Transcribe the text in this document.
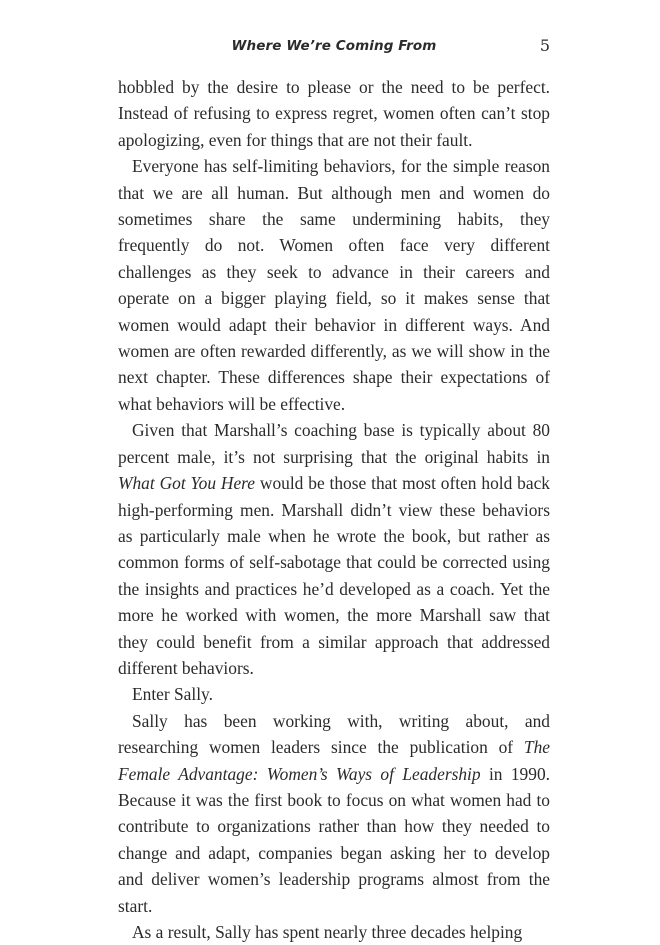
Where We’re Coming From	5

hobbled by the desire to please or the need to be perfect. Instead of refusing to express regret, women often can’t stop apologizing, even for things that are not their fault.

Everyone has self-limiting behaviors, for the simple reason that we are all human. But although men and women do sometimes share the same undermining habits, they frequently do not. Women often face very different challenges as they seek to advance in their careers and operate on a bigger playing field, so it makes sense that women would adapt their behavior in different ways. And women are often rewarded differently, as we will show in the next chapter. These differences shape their expectations of what behaviors will be effective.

Given that Marshall’s coaching base is typically about 80 percent male, it’s not surprising that the original habits in What Got You Here would be those that most often hold back high-performing men. Marshall didn’t view these behaviors as particularly male when he wrote the book, but rather as common forms of self-sabotage that could be corrected using the insights and practices he’d developed as a coach. Yet the more he worked with women, the more Marshall saw that they could benefit from a similar approach that addressed different behaviors.

Enter Sally.

Sally has been working with, writing about, and researching women leaders since the publication of The Female Advantage: Women’s Ways of Leadership in 1990. Because it was the first book to focus on what women had to contribute to organizations rather than how they needed to change and adapt, companies began asking her to develop and deliver women’s leadership programs almost from the start.

As a result, Sally has spent nearly three decades helping
